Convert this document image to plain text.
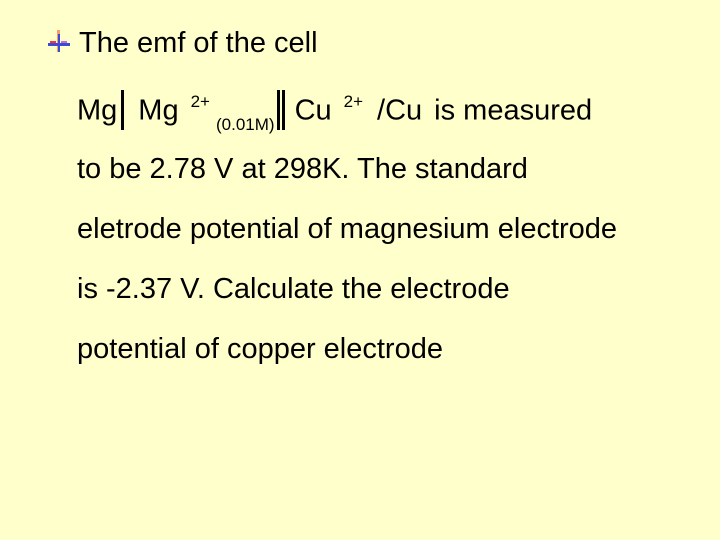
The emf of the cell
Mg Mg $^{2+}_{(0.01M)}$ Cu $^{2+}$ /Cu is measured
to be 2.78 V at 298K. The standard
eletrode potential of magnesium electrode
is -2.37 V. Calculate the electrode
potential of copper electrode
